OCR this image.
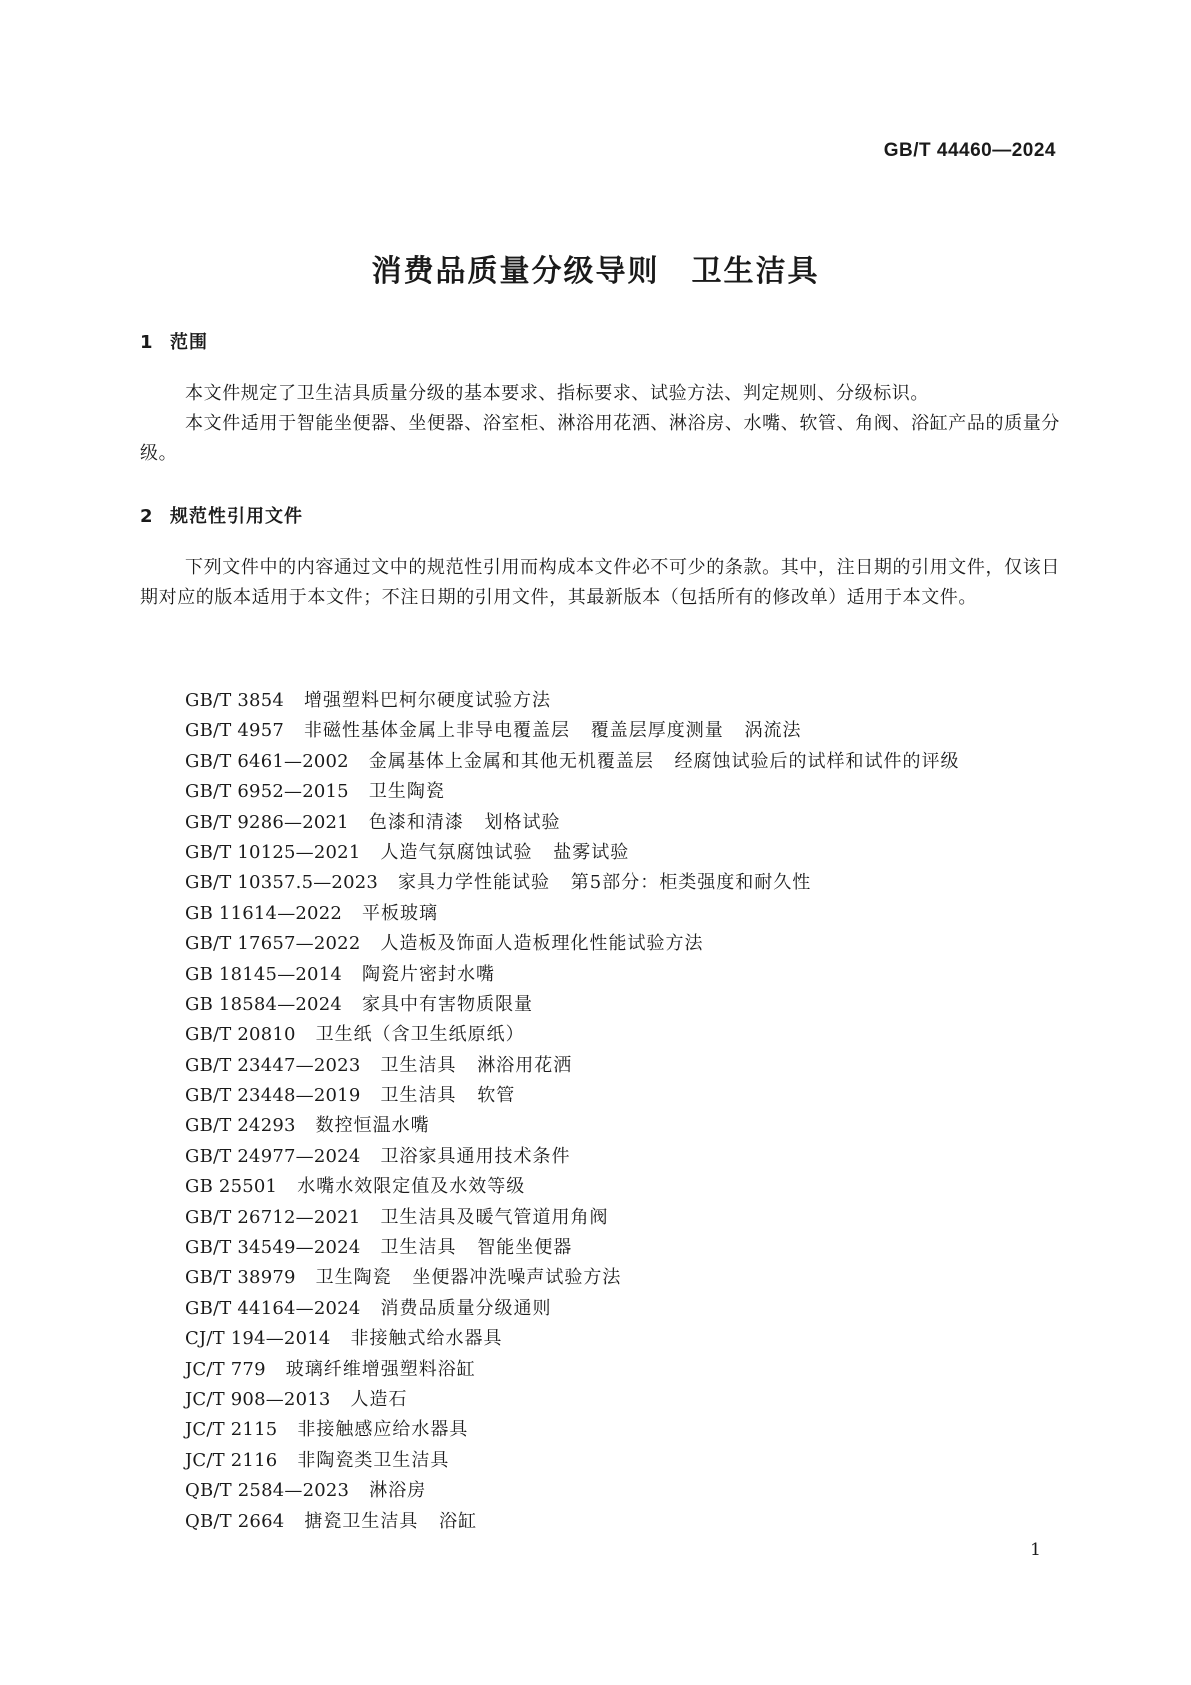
GB/T 44460—2024
消费品质量分级导则　卫生洁具
1 范围

本文件规定了卫生洁具质量分级的基本要求、指标要求、试验方法、判定规则、分级标识。

本文件适用于智能坐便器、坐便器、浴室柜、淋浴用花洒、淋浴房、水嘴、软管、角阀、浴缸产品的质量分级。

2 规范性引用文件

下列文件中的内容通过文中的规范性引用而构成本文件必不可少的条款。其中，注日期的引用文件，仅该日期对应的版本适用于本文件；不注日期的引用文件，其最新版本（包括所有的修改单）适用于本文件。

GB/T 3854 增强塑料巴柯尔硬度试验方法
GB/T 4957 非磁性基体金属上非导电覆盖层 覆盖层厚度测量 涡流法
GB/T 6461—2002 金属基体上金属和其他无机覆盖层 经腐蚀试验后的试样和试件的评级
GB/T 6952—2015 卫生陶瓷
GB/T 9286—2021 色漆和清漆 划格试验
GB/T 10125—2021 人造气氛腐蚀试验 盐雾试验
GB/T 10357.5—2023 家具力学性能试验 第5部分：柜类强度和耐久性
GB 11614—2022 平板玻璃
GB/T 17657—2022 人造板及饰面人造板理化性能试验方法
GB 18145—2014 陶瓷片密封水嘴
GB 18584—2024 家具中有害物质限量
GB/T 20810 卫生纸（含卫生纸原纸）
GB/T 23447—2023 卫生洁具 淋浴用花洒
GB/T 23448—2019 卫生洁具 软管
GB/T 24293 数控恒温水嘴
GB/T 24977—2024 卫浴家具通用技术条件
GB 25501 水嘴水效限定值及水效等级
GB/T 26712—2021 卫生洁具及暖气管道用角阀
GB/T 34549—2024 卫生洁具 智能坐便器
GB/T 38979 卫生陶瓷 坐便器冲洗噪声试验方法
GB/T 44164—2024 消费品质量分级通则
CJ/T 194—2014 非接触式给水器具
JC/T 779 玻璃纤维增强塑料浴缸
JC/T 908—2013 人造石
JC/T 2115 非接触感应给水器具
JC/T 2116 非陶瓷类卫生洁具
QB/T 2584—2023 淋浴房
QB/T 2664 搪瓷卫生洁具 浴缸
1
